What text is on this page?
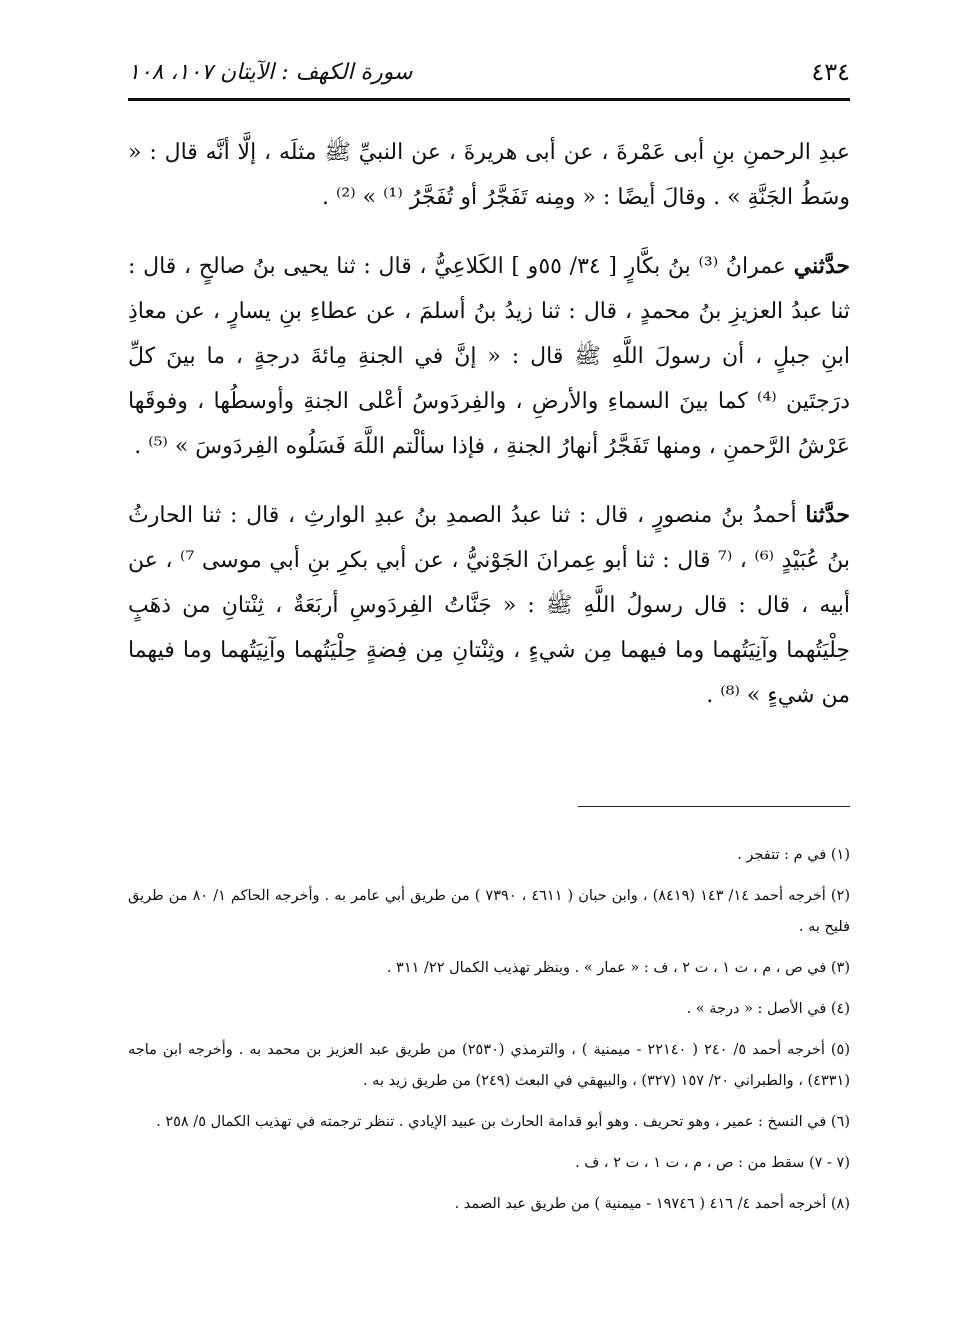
٤٣٤
سورة الكهف : الآيتان ١٠٧، ١٠٨

عبدِ الرحمنِ بنِ أبى عَمْرةَ ، عن أبى هريرةَ ، عن النبيِّ ﷺ مثلَه ، إلَّا أنَّه قال : « وسَطُ الجَنَّةِ » . وقالَ أيضًا : « ومِنه تَفَجَّرُ أو تُفَجَّرُ ⁽¹⁾ » ⁽²⁾ .

حدَّثني عمرانُ ⁽³⁾ بنُ بكَّارٍ [ ٣٤/ ٥٥و ] الكَلاعِيُّ ، قال : ثنا يحيى بنُ صالحٍ ، قال : ثنا عبدُ العزيزِ بنُ محمدٍ ، قال : ثنا زيدُ بنُ أسلمَ ، عن عطاءِ بنِ يسارٍ ، عن معاذِ ابنِ جبلٍ ، أن رسولَ اللَّهِ ﷺ قال : « إنَّ في الجنةِ مِائةَ درجةٍ ، ما بينَ كلِّ درَجتَين ⁽⁴⁾ كما بينَ السماءِ والأرضِ ، والفِردَوسُ أعْلى الجنةِ وأوسطُها ، وفوقَها عَرْشُ الرَّحمنِ ، ومنها تَفَجَّرُ أنهارُ الجنةِ ، فإذا سألْتم اللَّهَ فَسَلُوه الفِردَوسَ » ⁽⁵⁾ .

حدَّثنا أحمدُ بنُ منصورٍ ، قال : ثنا عبدُ الصمدِ بنُ عبدِ الوارثِ ، قال : ثنا الحارثُ بنُ عُبَيْدٍ ⁽⁶⁾ ، ⁽⁷ قال : ثنا أبو عِمرانَ الجَوْنيُّ ، عن أبي بكرِ بنِ أبي موسى ⁷⁾ ، عن أبيه ، قال : قال رسولُ اللَّهِ ﷺ : « جَنَّاتُ الفِردَوسِ أربَعَةٌ ، ثِنْتانِ من ذهَبٍ حِلْيَتُهما وآنِيَتُهما وما فيهما مِن شيءٍ ، وثِنْتانِ مِن فِضةٍ حِلْيَتُهما وآنِيَتُهما وما فيهما من شيءٍ » ⁽⁸⁾ .

(١) في م : تتفجر .

(٢) أخرجه أحمد ١٤/ ١٤٣ (٨٤١٩) ، وابن حبان ( ٤٦١١ ، ٧٣٩٠ ) من طريق أبي عامر به . وأخرجه الحاكم ١/ ٨٠ من طريق فليح به .

(٣) في ص ، م ، ت ١ ، ت ٢ ، ف : « عمار » . وينظر تهذيب الكمال ٢٢/ ٣١١ .

(٤) في الأصل : « درجة » .

(٥) أخرجه أحمد ٥/ ٢٤٠ ( ٢٢١٤٠ - ميمنية ) ، والترمذي (٢٥٣٠) من طريق عبد العزيز بن محمد به . وأخرجه ابن ماجه (٤٣٣١) ، والطبراني ٢٠/ ١٥٧ (٣٢٧) ، والبيهقي في البعث (٢٤٩) من طريق زيد به .

(٦) في النسخ : عمير ، وهو تحريف . وهو أبو قدامة الحارث بن عبيد الإيادي . تنظر ترجمته في تهذيب الكمال ٥/ ٢٥٨ .

(٧ - ٧) سقط من : ص ، م ، ت ١ ، ت ٢ ، ف .

(٨) أخرجه أحمد ٤/ ٤١٦ ( ١٩٧٤٦ - ميمنية ) من طريق عبد الصمد .
